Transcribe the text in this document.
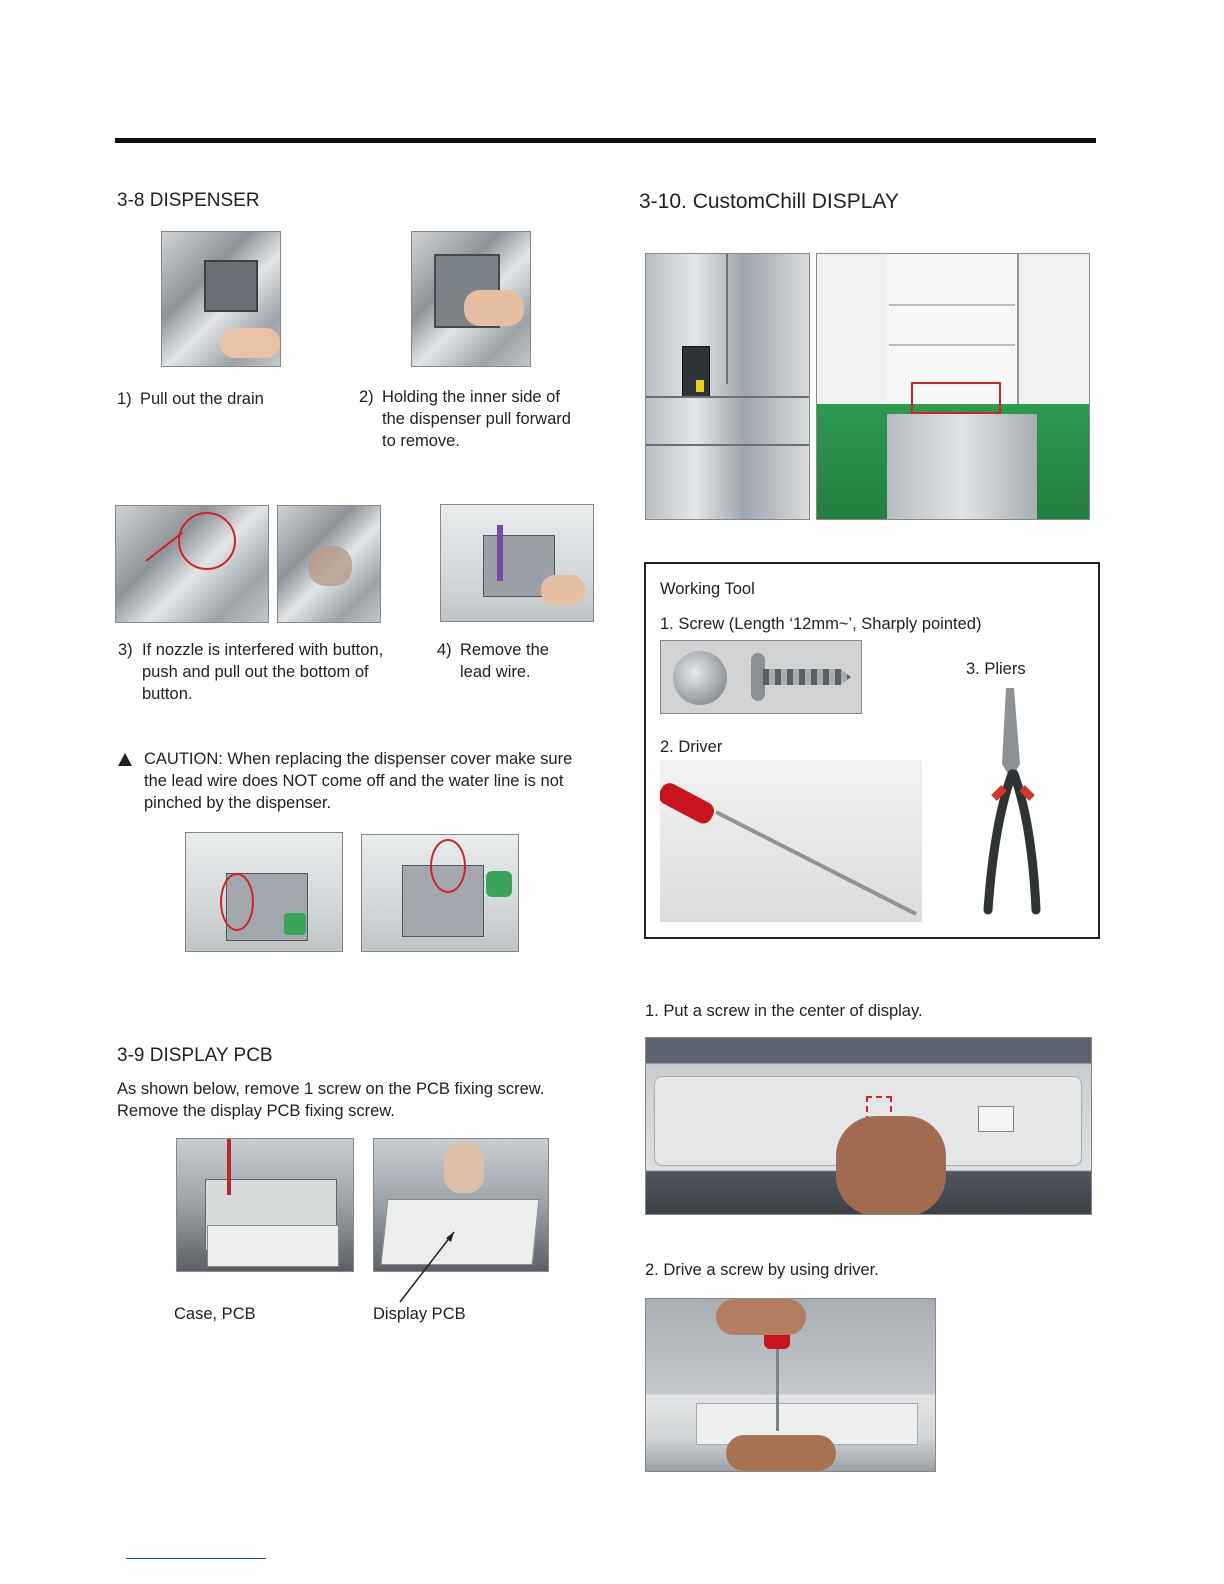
3-8 DISPENSER
1) Pull out the drain	2) Holding the inner side of the dispenser pull forward to remove.
3) If nozzle is interfered with button, push and pull out the bottom of button.
4) Remove the lead wire.
CAUTION: When replacing the dispenser cover make sure the lead wire does NOT come off and the water line is not pinched by the dispenser.
3-9 DISPLAY PCB
As shown below, remove 1 screw on the PCB fixing screw.
Remove the display PCB fixing screw.
Case, PCB	Display PCB
3-10. CustomChill DISPLAY
Working Tool
1. Screw (Length ‘12mm~’, Sharply pointed)
3. Pliers
2. Driver
1. Put a screw in the center of display.
2. Drive a screw by using driver.
